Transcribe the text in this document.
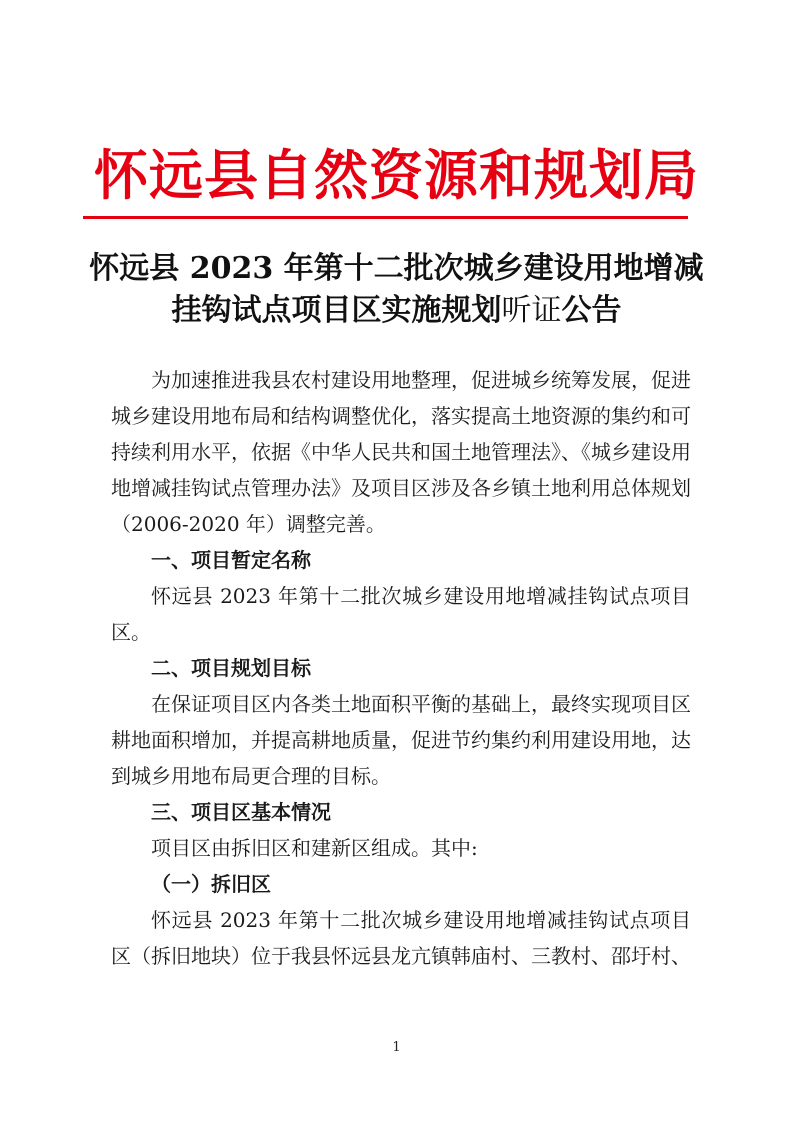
怀远县自然资源和规划局
怀远县 2023 年第十二批次城乡建设用地增减
挂钩试点项目区实施规划听证公告

为加速推进我县农村建设用地整理，促进城乡统筹发展，促进城乡建设用地布局和结构调整优化，落实提高土地资源的集约和可持续利用水平，依据《中华人民共和国土地管理法》、《城乡建设用地增减挂钩试点管理办法》及项目区涉及各乡镇土地利用总体规划（2006-2020 年）调整完善。

一、项目暂定名称

怀远县 2023 年第十二批次城乡建设用地增减挂钩试点项目区。

二、项目规划目标

在保证项目区内各类土地面积平衡的基础上，最终实现项目区耕地面积增加，并提高耕地质量，促进节约集约利用建设用地，达到城乡用地布局更合理的目标。

三、项目区基本情况

项目区由拆旧区和建新区组成。其中:

（一）拆旧区

怀远县 2023 年第十二批次城乡建设用地增减挂钩试点项目区（拆旧地块）位于我县怀远县龙亢镇韩庙村、三教村、邵圩村、

1
